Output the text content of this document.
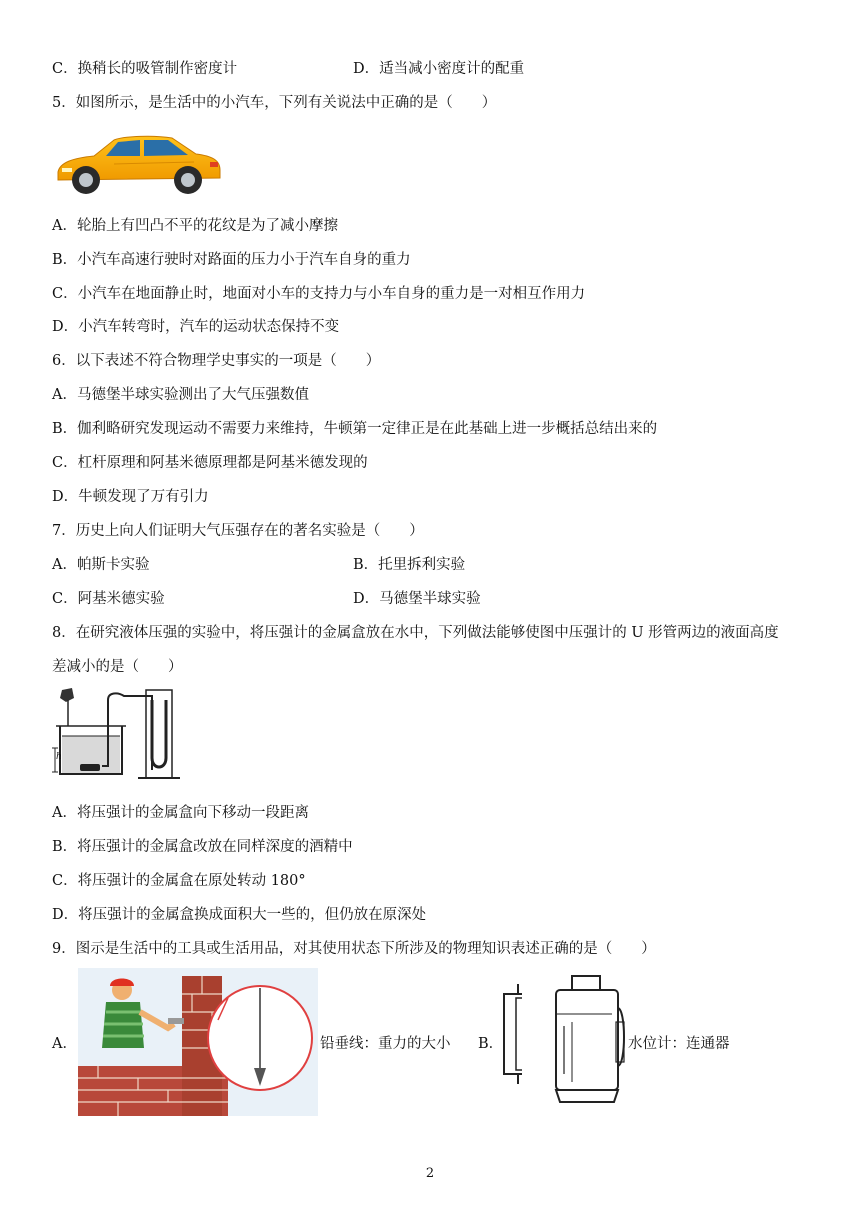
C．换稍长的吸管制作密度计	D．适当减小密度计的配重
5．如图所示，是生活中的小汽车，下列有关说法中正确的是（　　）
A．轮胎上有凹凸不平的花纹是为了减小摩擦
B．小汽车高速行驶时对路面的压力小于汽车自身的重力
C．小汽车在地面静止时，地面对小车的支持力与小车自身的重力是一对相互作用力
D．小汽车转弯时，汽车的运动状态保持不变
6．以下表述不符合物理学史事实的一项是（　　）
A．马德堡半球实验测出了大气压强数值
B．伽利略研究发现运动不需要力来维持，牛顿第一定律正是在此基础上进一步概括总结出来的
C．杠杆原理和阿基米德原理都是阿基米德发现的
D．牛顿发现了万有引力
7．历史上向人们证明大气压强存在的著名实验是（　　）
A．帕斯卡实验	B．托里拆利实验
C．阿基米德实验	D．马德堡半球实验
8．在研究液体压强的实验中，将压强计的金属盒放在水中，下列做法能够使图中压强计的 U 形管两边的液面高度
差减小的是（　　）
h
A．将压强计的金属盒向下移动一段距离
B．将压强计的金属盒改放在同样深度的酒精中
C．将压强计的金属盒在原处转动 180°
D．将压强计的金属盒换成面积大一些的，但仍放在原深处
9．图示是生活中的工具或生活用品，对其使用状态下所涉及的物理知识表述正确的是（　　）
A．	铅垂线：重力的大小 B．	水位计：连通器
2
